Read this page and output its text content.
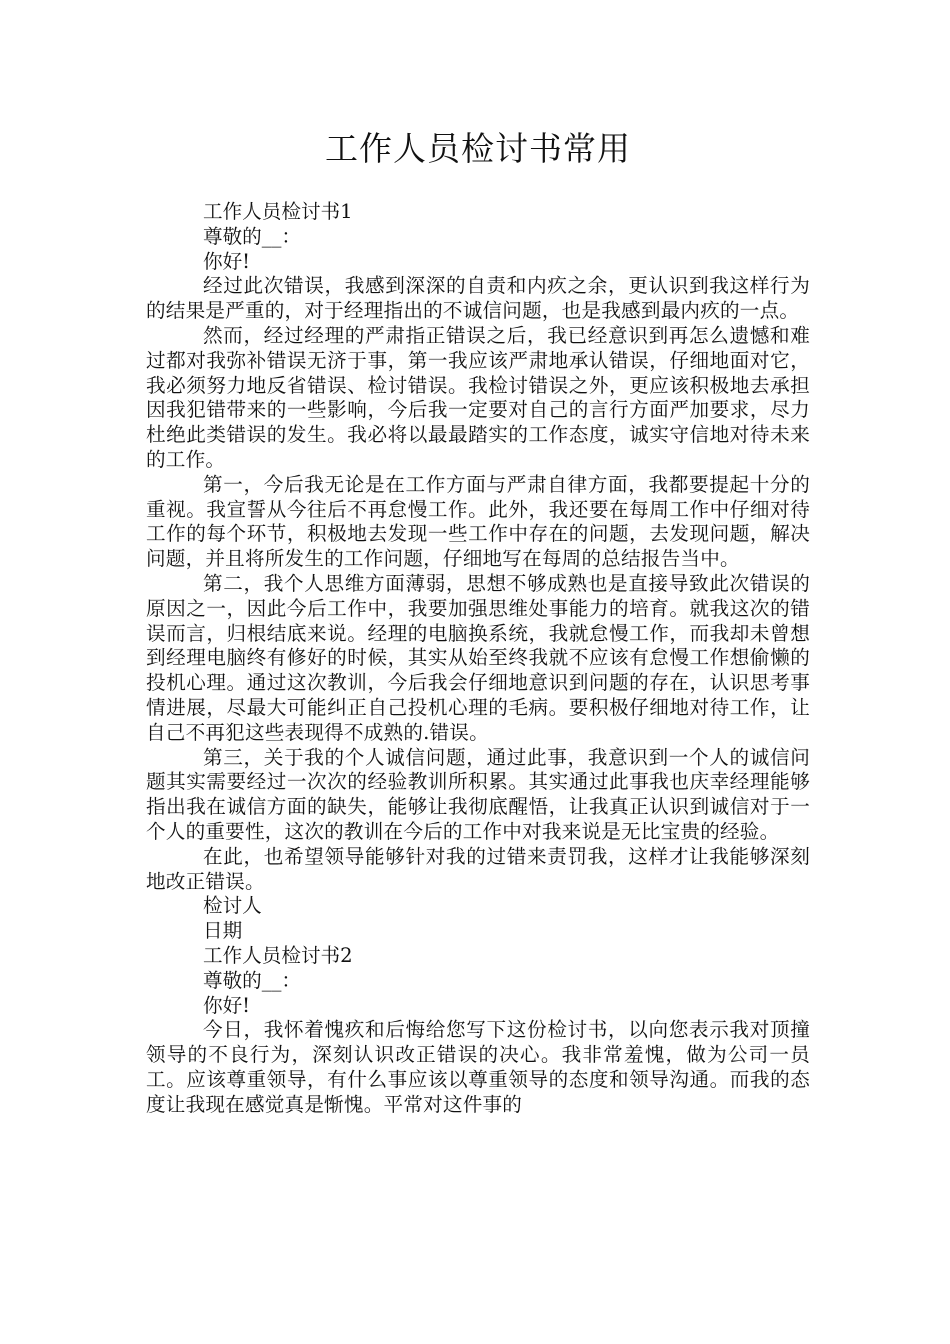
工作人员检讨书常用

工作人员检讨书1

尊敬的__：

你好!

经过此次错误，我感到深深的自责和内疚之余，更认识到我这样行为的结果是严重的，对于经理指出的不诚信问题，也是我感到最内疚的一点。

然而，经过经理的严肃指正错误之后，我已经意识到再怎么遗憾和难过都对我弥补错误无济于事，第一我应该严肃地承认错误，仔细地面对它，我必须努力地反省错误、检讨错误。我检讨错误之外，更应该积极地去承担因我犯错带来的一些影响，今后我一定要对自己的言行方面严加要求，尽力杜绝此类错误的发生。我必将以最最踏实的工作态度，诚实守信地对待未来的工作。

第一，今后我无论是在工作方面与严肃自律方面，我都要提起十分的重视。我宣誓从今往后不再怠慢工作。此外，我还要在每周工作中仔细对待工作的每个环节，积极地去发现一些工作中存在的问题，去发现问题，解决问题，并且将所发生的工作问题，仔细地写在每周的总结报告当中。

第二，我个人思维方面薄弱，思想不够成熟也是直接导致此次错误的原因之一，因此今后工作中，我要加强思维处事能力的培育。就我这次的错误而言，归根结底来说。经理的电脑换系统，我就怠慢工作，而我却未曾想到经理电脑终有修好的时候，其实从始至终我就不应该有怠慢工作想偷懒的投机心理。通过这次教训，今后我会仔细地意识到问题的存在，认识思考事情进展，尽最大可能纠正自己投机心理的毛病。要积极仔细地对待工作，让自己不再犯这些表现得不成熟的.错误。

第三，关于我的个人诚信问题，通过此事，我意识到一个人的诚信问题其实需要经过一次次的经验教训所积累。其实通过此事我也庆幸经理能够指出我在诚信方面的缺失，能够让我彻底醒悟，让我真正认识到诚信对于一个人的重要性，这次的教训在今后的工作中对我来说是无比宝贵的经验。

在此，也希望领导能够针对我的过错来责罚我，这样才让我能够深刻地改正错误。

检讨人

日期

工作人员检讨书2

尊敬的__：

你好!

今日，我怀着愧疚和后悔给您写下这份检讨书，以向您表示我对顶撞领导的不良行为，深刻认识改正错误的决心。我非常羞愧，做为公司一员工。应该尊重领导，有什么事应该以尊重领导的态度和领导沟通。而我的态度让我现在感觉真是惭愧。平常对这件事的
